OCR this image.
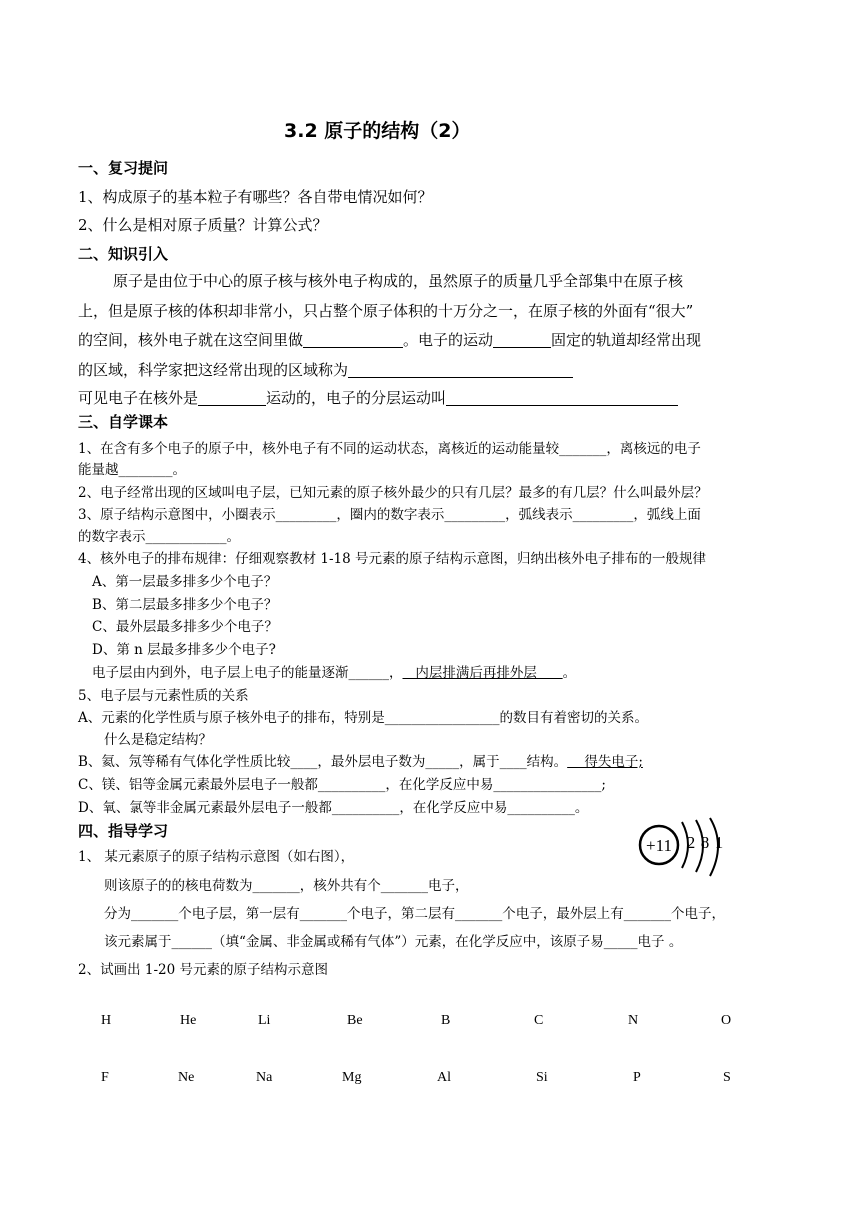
3.2 原子的结构（2）
一、复习提问
1、构成原子的基本粒子有哪些？各自带电情况如何？
2、什么是相对原子质量？计算公式？
二、知识引入
原子是由位于中心的原子核与核外电子构成的，虽然原子的质量几乎全部集中在原子核
上，但是原子核的体积却非常小，只占整个原子体积的十万分之一，在原子核的外面有“很大”
的空间，核外电子就在这空间里做	。电子的运动	固定的轨道却经常出现
的区域，科学家把这经常出现的区域称为
可见电子在核外是	运动的，电子的分层运动叫
三、自学课本
1、在含有多个电子的原子中，核外电子有不同的运动状态，离核近的运动能量较_______，离核远的电子
能量越________。
2、电子经常出现的区域叫电子层，已知元素的原子核外最少的只有几层？最多的有几层？什么叫最外层？
3、原子结构示意图中，小圈表示_________，圈内的数字表示_________，弧线表示_________，弧线上面
的数字表示____________。
4、核外电子的排布规律：仔细观察教材 1-18 号元素的原子结构示意图，归纳出核外电子排布的一般规律
A、第一层最多排多少个电子？
B、第二层最多排多少个电子？
C、最外层最多排多少个电子？
D、第 n 层最多排多少个电子?
电子层由内到外，电子层上电子的能量逐渐______，   内层排满后再排外层      。
5、电子层与元素性质的关系
A、元素的化学性质与原子核外电子的排布，特别是_________________的数目有着密切的关系。
什么是稳定结构？
B、氦、氖等稀有气体化学性质比较____，最外层电子数为_____，属于____结构。    得失电子;
C、镁、铝等金属元素最外层电子一般都__________，在化学反应中易________________;
D、氧、氯等非金属元素最外层电子一般都__________，在化学反应中易__________。
四、指导学习
1、 某元素原子的原子结构示意图（如右图），
则该原子的的核电荷数为_______，核外共有个_______电子，
分为_______个电子层，第一层有_______个电子，第二层有_______个电子，最外层上有_______个电子，
该元素属于______（填“金属、非金属或稀有气体”）元素，在化学反应中，该原子易_____电子 。
2、试画出 1-20 号元素的原子结构示意图
+11 2 8 1
H	He	Li	Be	B	C	N	O
F	Ne	Na	Mg	Al	Si	P	S
